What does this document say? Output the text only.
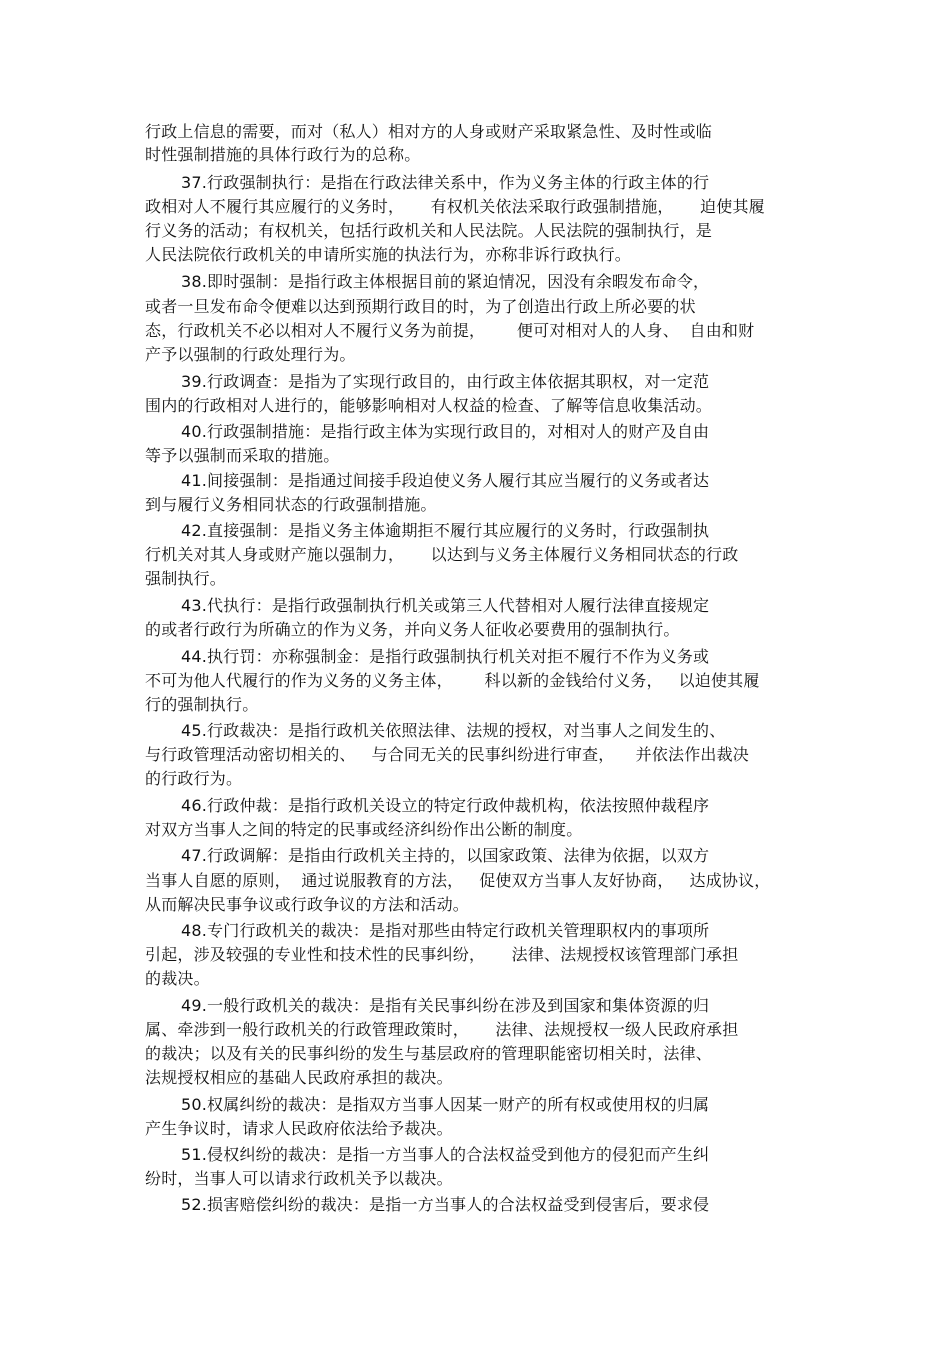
行政上信息的需要，而对（私人）相对方的人身或财产采取紧急性、及时性或临
时性强制措施的具体行政行为的总称。
37.行政强制执行：是指在行政法律关系中，作为义务主体的行政主体的行
政相对人不履行其应履行的义务时，     有权机关依法采取行政强制措施，     迫使其履
行义务的活动；有权机关，包括行政机关和人民法院。人民法院的强制执行，是
人民法院依行政机关的申请所实施的执法行为，亦称非诉行政执行。
38.即时强制：是指行政主体根据目前的紧迫情况，因没有余暇发布命令，
或者一旦发布命令便难以达到预期行政目的时，为了创造出行政上所必要的状
态，行政机关不必以相对人不履行义务为前提，      便可对相对人的人身、  自由和财
产予以强制的行政处理行为。
39.行政调查：是指为了实现行政目的，由行政主体依据其职权，对一定范
围内的行政相对人进行的，能够影响相对人权益的检查、了解等信息收集活动。
40.行政强制措施：是指行政主体为实现行政目的，对相对人的财产及自由
等予以强制而采取的措施。
41.间接强制：是指通过间接手段迫使义务人履行其应当履行的义务或者达
到与履行义务相同状态的行政强制措施。
42.直接强制：是指义务主体逾期拒不履行其应履行的义务时，行政强制执
行机关对其人身或财产施以强制力，     以达到与义务主体履行义务相同状态的行政
强制执行。
43.代执行：是指行政强制执行机关或第三人代替相对人履行法律直接规定
的或者行政行为所确立的作为义务，并向义务人征收必要费用的强制执行。
44.执行罚：亦称强制金：是指行政强制执行机关对拒不履行不作为义务或
不可为他人代履行的作为义务的义务主体，      科以新的金钱给付义务，   以迫使其履
行的强制执行。
45.行政裁决：是指行政机关依照法律、法规的授权，对当事人之间发生的、
与行政管理活动密切相关的、   与合同无关的民事纠纷进行审查，    并依法作出裁决
的行政行为。
46.行政仲裁：是指行政机关设立的特定行政仲裁机构，依法按照仲裁程序
对双方当事人之间的特定的民事或经济纠纷作出公断的制度。
47.行政调解：是指由行政机关主持的，以国家政策、法律为依据，以双方
当事人自愿的原则，  通过说服教育的方法，   促使双方当事人友好协商，   达成协议，
从而解决民事争议或行政争议的方法和活动。
48.专门行政机关的裁决：是指对那些由特定行政机关管理职权内的事项所
引起，涉及较强的专业性和技术性的民事纠纷，     法律、法规授权该管理部门承担
的裁决。
49.一般行政机关的裁决：是指有关民事纠纷在涉及到国家和集体资源的归
属、牵涉到一般行政机关的行政管理政策时，     法律、法规授权一级人民政府承担
的裁决；以及有关的民事纠纷的发生与基层政府的管理职能密切相关时，法律、
法规授权相应的基础人民政府承担的裁决。
50.权属纠纷的裁决：是指双方当事人因某一财产的所有权或使用权的归属
产生争议时，请求人民政府依法给予裁决。
51.侵权纠纷的裁决：是指一方当事人的合法权益受到他方的侵犯而产生纠
纷时，当事人可以请求行政机关予以裁决。
52.损害赔偿纠纷的裁决：是指一方当事人的合法权益受到侵害后，要求侵
